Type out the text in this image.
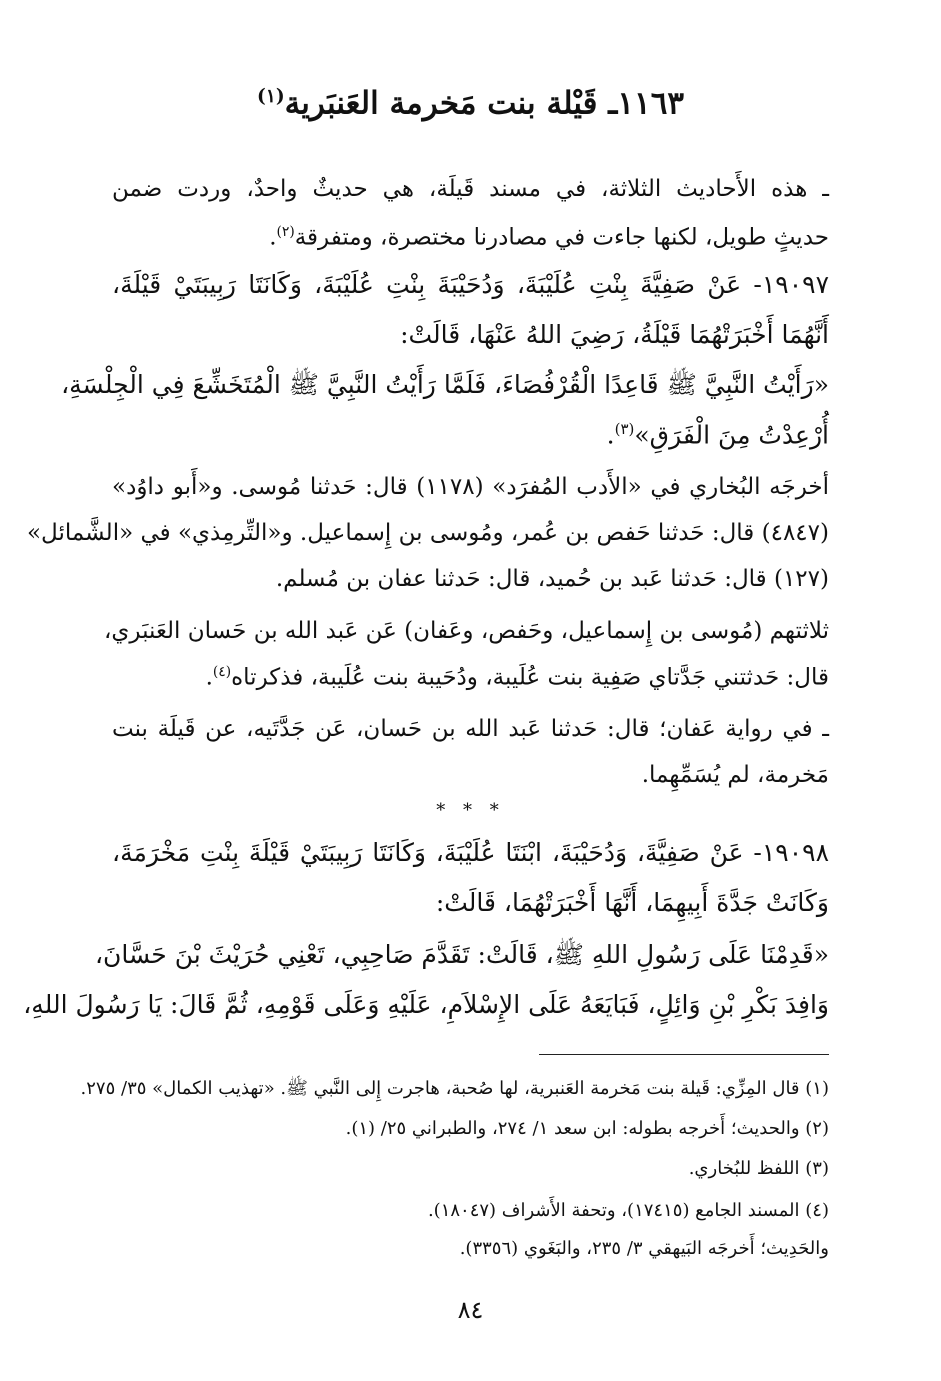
١١٦٣ـ قَيْلة بنت مَخرمة العَنبَرية$^{(١)}$
ـ هذه الأَحاديث الثلاثة، في مسند قَيلَة، هي حديثٌ واحدٌ، وردت ضمن
حديثٍ طويل، لكنها جاءت في مصادرنا مختصرة، ومتفرقة$^{(٢)}$.
١٩٠٩٧- عَنْ صَفِيَّةَ بِنْتِ عُلَيْبَةَ، وَدُحَيْبَةَ بِنْتِ عُلَيْبَةَ، وَكَانَتَا رَبِيبَتَيْ قَيْلَةَ،
أَنَّهُمَا أَخْبَرَتْهُمَا قَيْلَةُ، رَضِيَ اللهُ عَنْهَا، قَالَتْ:
«رَأَيْتُ النَّبِيَّ ﷺ قَاعِدًا الْقُرْفُصَاءَ، فَلَمَّا رَأَيْتُ النَّبِيَّ ﷺ الْمُتَخَشِّعَ فِي الْجِلْسَةِ،
أُرْعِدْتُ مِنَ الْفَرَقِ»$^{(٣)}$.
أخرجَه البُخاري في «الأَدب المُفرَد» (١١٧٨) قال: حَدثنا مُوسى. و«أَبو داوُد»
(٤٨٤٧) قال: حَدثنا حَفص بن عُمر، ومُوسى بن إِسماعيل. و«التِّرمِذي» في «الشَّمائل»
(١٢٧) قال: حَدثنا عَبد بن حُميد، قال: حَدثنا عفان بن مُسلم.
ثلاثتهم (مُوسى بن إِسماعيل، وحَفص، وعَفان) عَن عَبد الله بن حَسان العَنبَري،
قال: حَدثتني جَدَّتاي صَفِية بنت عُلَيبة، ودُحَيبة بنت عُلَيبة، فذكرتاه$^{(٤)}$.
ـ في رواية عَفان؛ قال: حَدثنا عَبد الله بن حَسان، عَن جَدَّتَيه، عن قَيلَة بنت
مَخرمة، لم يُسَمِّهِما.
* * *
١٩٠٩٨- عَنْ صَفِيَّةَ، وَدُحَيْبَةَ، ابْنَتَا عُلَيْبَةَ، وَكَانَتَا رَبِيبَتَيْ قَيْلَةَ بِنْتِ مَخْرَمَةَ،
وَكَانَتْ جَدَّةَ أَبِيهِمَا، أَنَّهَا أَخْبَرَتْهُمَا، قَالَتْ:
«قَدِمْنَا عَلَى رَسُولِ اللهِ ﷺ، قَالَتْ: تَقَدَّمَ صَاحِبِي، تَعْنِي حُرَيْثَ بْنَ حَسَّانَ،
وَافِدَ بَكْرِ بْنِ وَائِلٍ، فَبَايَعَهُ عَلَى الإِسْلاَمِ، عَلَيْهِ وَعَلَى قَوْمِهِ، ثُمَّ قَالَ: يَا رَسُولَ اللهِ،
(١) قال المِزِّي: قَيلة بنت مَخرمة العَنبرية، لها صُحبة، هاجرت إِلى النَّبي ﷺ. «تهذيب الكمال» ٣٥/ ٢٧٥.
(٢) والحديث؛ أَخرجه بطوله: ابن سعد ١/ ٢٧٤، والطبراني ٢٥/ (١).
(٣) اللفظ للبُخاري.
(٤) المسند الجامع (١٧٤١٥)، وتحفة الأَشراف (١٨٠٤٧).
والحَدِيث؛ أَخرجَه البَيهقي ٣/ ٢٣٥، والبَغَوي (٣٣٥٦).
٨٤
